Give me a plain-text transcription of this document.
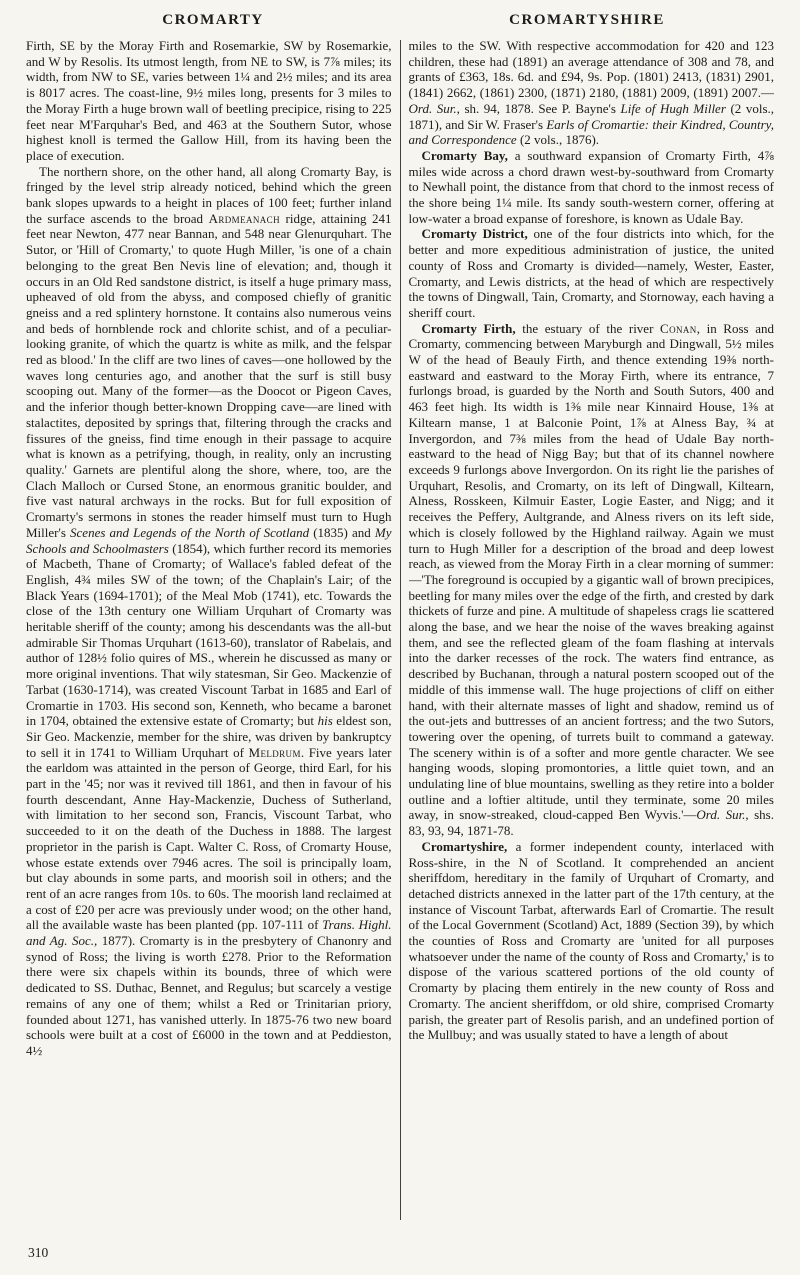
CROMARTY	CROMARTYSHIRE

Firth, SE by the Moray Firth and Rosemarkie, SW by Rosemarkie, and W by Resolis. Its utmost length, from NE to SW, is 7⅞ miles; its width, from NW to SE, varies between 1¼ and 2½ miles; and its area is 8017 acres. The coast-line, 9½ miles long, presents for 3 miles to the Moray Firth a huge brown wall of beetling precipice, rising to 225 feet near M'Farquhar's Bed, and 463 at the Southern Sutor, whose highest knoll is termed the Gallow Hill, from its having been the place of execution.

The northern shore, on the other hand, all along Cromarty Bay, is fringed by the level strip already noticed, behind which the green bank slopes upwards to a height in places of 100 feet; further inland the surface ascends to the broad Ardmeanach ridge, attaining 241 feet near Newton, 477 near Bannan, and 548 near Glenurquhart. The Sutor, or 'Hill of Cromarty,' to quote Hugh Miller, 'is one of a chain belonging to the great Ben Nevis line of elevation; and, though it occurs in an Old Red sandstone district, is itself a huge primary mass, upheaved of old from the abyss, and composed chiefly of granitic gneiss and a red splintery hornstone. It contains also numerous veins and beds of hornblende rock and chlorite schist, and of a peculiar-looking granite, of which the quartz is white as milk, and the felspar red as blood.' In the cliff are two lines of caves—one hollowed by the waves long centuries ago, and another that the surf is still busy scooping out. Many of the former—as the Doocot or Pigeon Caves, and the inferior though better-known Dropping cave—are lined with stalactites, deposited by springs that, filtering through the cracks and fissures of the gneiss, find time enough in their passage to acquire what is known as a petrifying, though, in reality, only an incrusting quality.' Garnets are plentiful along the shore, where, too, are the Clach Malloch or Cursed Stone, an enormous granitic boulder, and five vast natural archways in the rocks. But for full exposition of Cromarty's sermons in stones the reader himself must turn to Hugh Miller's Scenes and Legends of the North of Scotland (1835) and My Schools and Schoolmasters (1854), which further record its memories of Macbeth, Thane of Cromarty; of Wallace's fabled defeat of the English, 4¾ miles SW of the town; of the Chaplain's Lair; of the Black Years (1694-1701); of the Meal Mob (1741), etc. Towards the close of the 13th century one William Urquhart of Cromarty was heritable sheriff of the county; among his descendants was the all-but admirable Sir Thomas Urquhart (1613-60), translator of Rabelais, and author of 128½ folio quires of MS., wherein he discussed as many or more original inventions. That wily statesman, Sir Geo. Mackenzie of Tarbat (1630-1714), was created Viscount Tarbat in 1685 and Earl of Cromartie in 1703. His second son, Kenneth, who became a baronet in 1704, obtained the extensive estate of Cromarty; but his eldest son, Sir Geo. Mackenzie, member for the shire, was driven by bankruptcy to sell it in 1741 to William Urquhart of Meldrum. Five years later the earldom was attainted in the person of George, third Earl, for his part in the '45; nor was it revived till 1861, and then in favour of his fourth descendant, Anne Hay-Mackenzie, Duchess of Sutherland, with limitation to her second son, Francis, Viscount Tarbat, who succeeded to it on the death of the Duchess in 1888. The largest proprietor in the parish is Capt. Walter C. Ross, of Cromarty House, whose estate extends over 7946 acres. The soil is principally loam, but clay abounds in some parts, and moorish soil in others; and the rent of an acre ranges from 10s. to 60s. The moorish land reclaimed at a cost of £20 per acre was previously under wood; on the other hand, all the available waste has been planted (pp. 107-111 of Trans. Highl. and Ag. Soc., 1877). Cromarty is in the presbytery of Chanonry and synod of Ross; the living is worth £278. Prior to the Reformation there were six chapels within its bounds, three of which were dedicated to SS. Duthac, Bennet, and Regulus; but scarcely a vestige remains of any one of them; whilst a Red or Trinitarian priory, founded about 1271, has vanished utterly. In 1875-76 two new board schools were built at a cost of £6000 in the town and at Peddieston, 4½

miles to the SW. With respective accommodation for 420 and 123 children, these had (1891) an average attendance of 308 and 78, and grants of £363, 18s. 6d. and £94, 9s. Pop. (1801) 2413, (1831) 2901, (1841) 2662, (1861) 2300, (1871) 2180, (1881) 2009, (1891) 2007.—Ord. Sur., sh. 94, 1878. See P. Bayne's Life of Hugh Miller (2 vols., 1871), and Sir W. Fraser's Earls of Cromartie: their Kindred, Country, and Correspondence (2 vols., 1876).

Cromarty Bay, a southward expansion of Cromarty Firth, 4⅞ miles wide across a chord drawn west-by-southward from Cromarty to Newhall point, the distance from that chord to the inmost recess of the shore being 1¼ mile. Its sandy south-western corner, offering at low-water a broad expanse of foreshore, is known as Udale Bay.

Cromarty District, one of the four districts into which, for the better and more expeditious administration of justice, the united county of Ross and Cromarty is divided—namely, Wester, Easter, Cromarty, and Lewis districts, at the head of which are respectively the towns of Dingwall, Tain, Cromarty, and Stornoway, each having a sheriff court.

Cromarty Firth, the estuary of the river Conan, in Ross and Cromarty, commencing between Maryburgh and Dingwall, 5½ miles W of the head of Beauly Firth, and thence extending 19⅜ north-eastward and eastward to the Moray Firth, where its entrance, 7 furlongs broad, is guarded by the North and South Sutors, 400 and 463 feet high. Its width is 1⅜ mile near Kinnaird House, 1⅜ at Kiltearn manse, 1 at Balconie Point, 1⅞ at Alness Bay, ¾ at Invergordon, and 7⅜ miles from the head of Udale Bay north-eastward to the head of Nigg Bay; but that of its channel nowhere exceeds 9 furlongs above Invergordon. On its right lie the parishes of Urquhart, Resolis, and Cromarty, on its left of Dingwall, Kiltearn, Alness, Rosskeen, Kilmuir Easter, Logie Easter, and Nigg; and it receives the Peffery, Aultgrande, and Alness rivers on its left side, which is closely followed by the Highland railway. Again we must turn to Hugh Miller for a description of the broad and deep lowest reach, as viewed from the Moray Firth in a clear morning of summer:—'The foreground is occupied by a gigantic wall of brown precipices, beetling for many miles over the edge of the firth, and crested by dark thickets of furze and pine. A multitude of shapeless crags lie scattered along the base, and we hear the noise of the waves breaking against them, and see the reflected gleam of the foam flashing at intervals into the darker recesses of the rock. The waters find entrance, as described by Buchanan, through a natural postern scooped out of the middle of this immense wall. The huge projections of cliff on either hand, with their alternate masses of light and shadow, remind us of the out-jets and buttresses of an ancient fortress; and the two Sutors, towering over the opening, of turrets built to command a gateway. The scenery within is of a softer and more gentle character. We see hanging woods, sloping promontories, a little quiet town, and an undulating line of blue mountains, swelling as they retire into a bolder outline and a loftier altitude, until they terminate, some 20 miles away, in snow-streaked, cloud-capped Ben Wyvis.'—Ord. Sur., shs. 83, 93, 94, 1871-78.

Cromartyshire, a former independent county, interlaced with Ross-shire, in the N of Scotland. It comprehended an ancient sheriffdom, hereditary in the family of Urquhart of Cromarty, and detached districts annexed in the latter part of the 17th century, at the instance of Viscount Tarbat, afterwards Earl of Cromartie. The result of the Local Government (Scotland) Act, 1889 (Section 39), by which the counties of Ross and Cromarty are 'united for all purposes whatsoever under the name of the county of Ross and Cromarty,' is to dispose of the various scattered portions of the old county of Cromarty by placing them entirely in the new county of Ross and Cromarty. The ancient sheriffdom, or old shire, comprised Cromarty parish, the greater part of Resolis parish, and an undefined portion of the Mullbuy; and was usually stated to have a length of about

310
